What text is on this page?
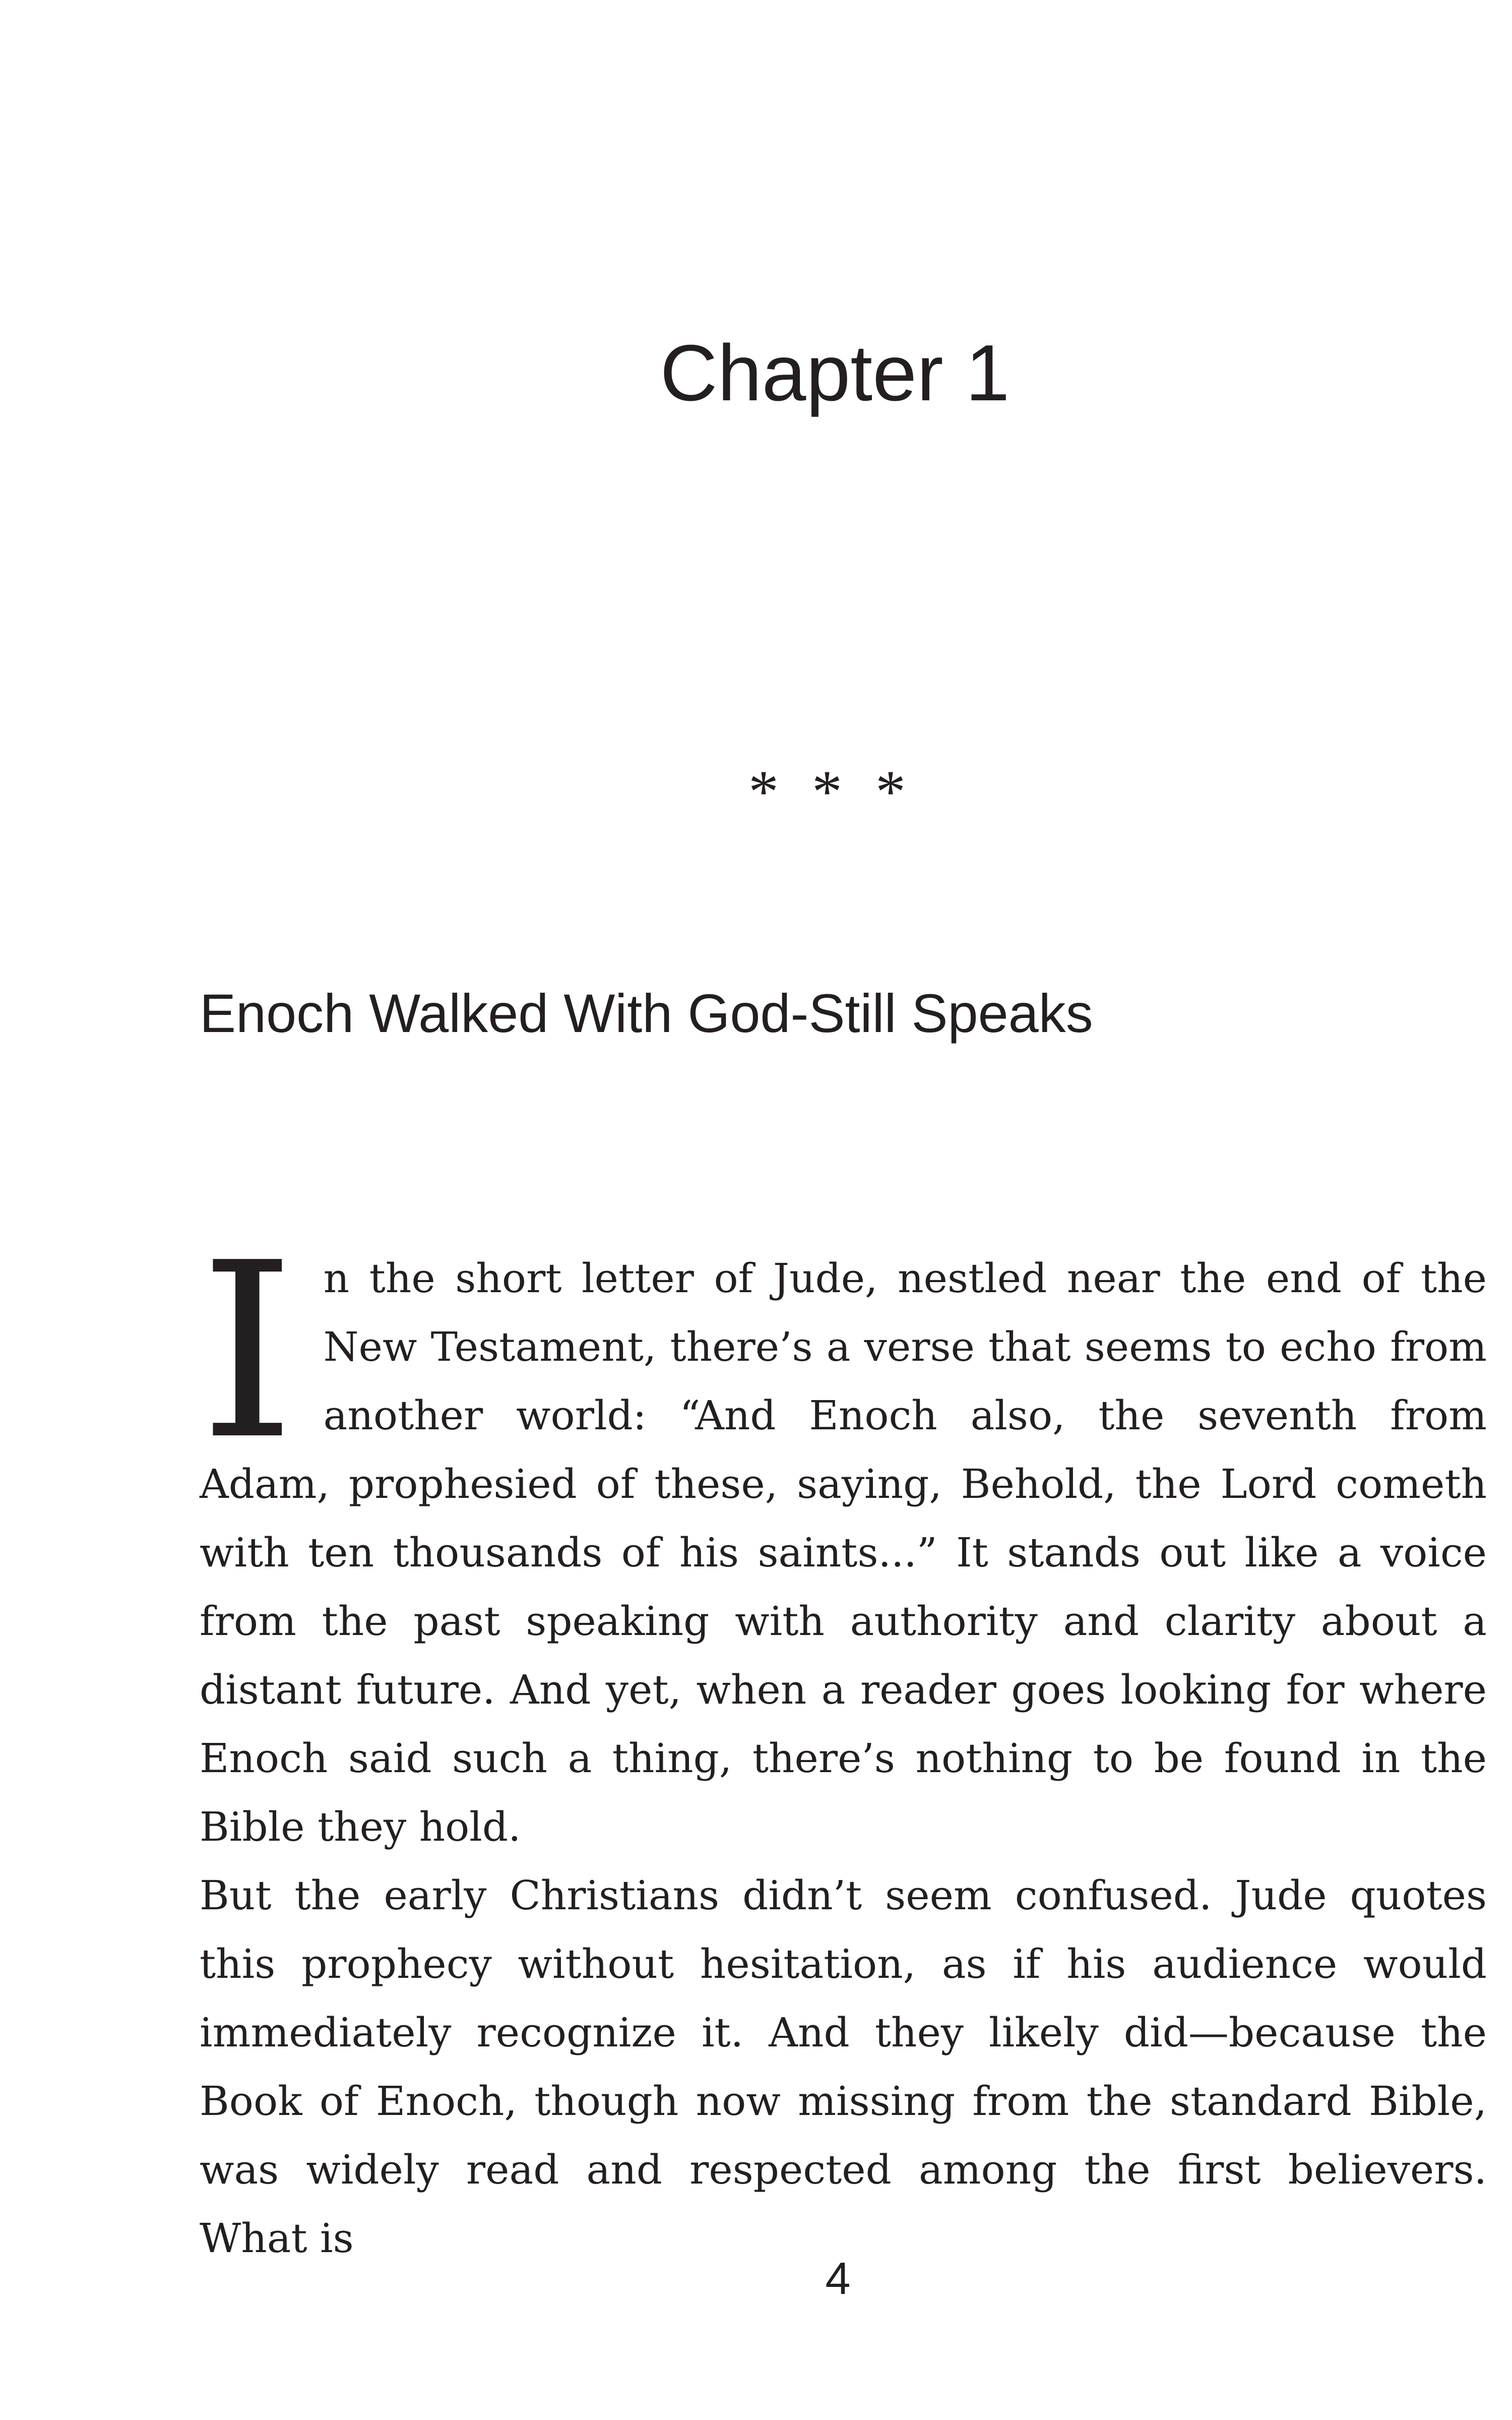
Chapter 1
* * *
Enoch Walked With God-Still Speaks

In the short letter of Jude, nestled near the end of the New Testament, there’s a verse that seems to echo from another world: “And Enoch also, the seventh from Adam, prophesied of these, saying, Behold, the Lord cometh with ten thousands of his saints...” It stands out like a voice from the past speaking with authority and clarity about a distant future. And yet, when a reader goes looking for where Enoch said such a thing, there’s nothing to be found in the Bible they hold.

But the early Christians didn’t seem confused. Jude quotes this prophecy without hesitation, as if his audience would immediately recognize it. And they likely did—because the Book of Enoch, though now missing from the standard Bible, was widely read and respected among the first believers. What is

4
